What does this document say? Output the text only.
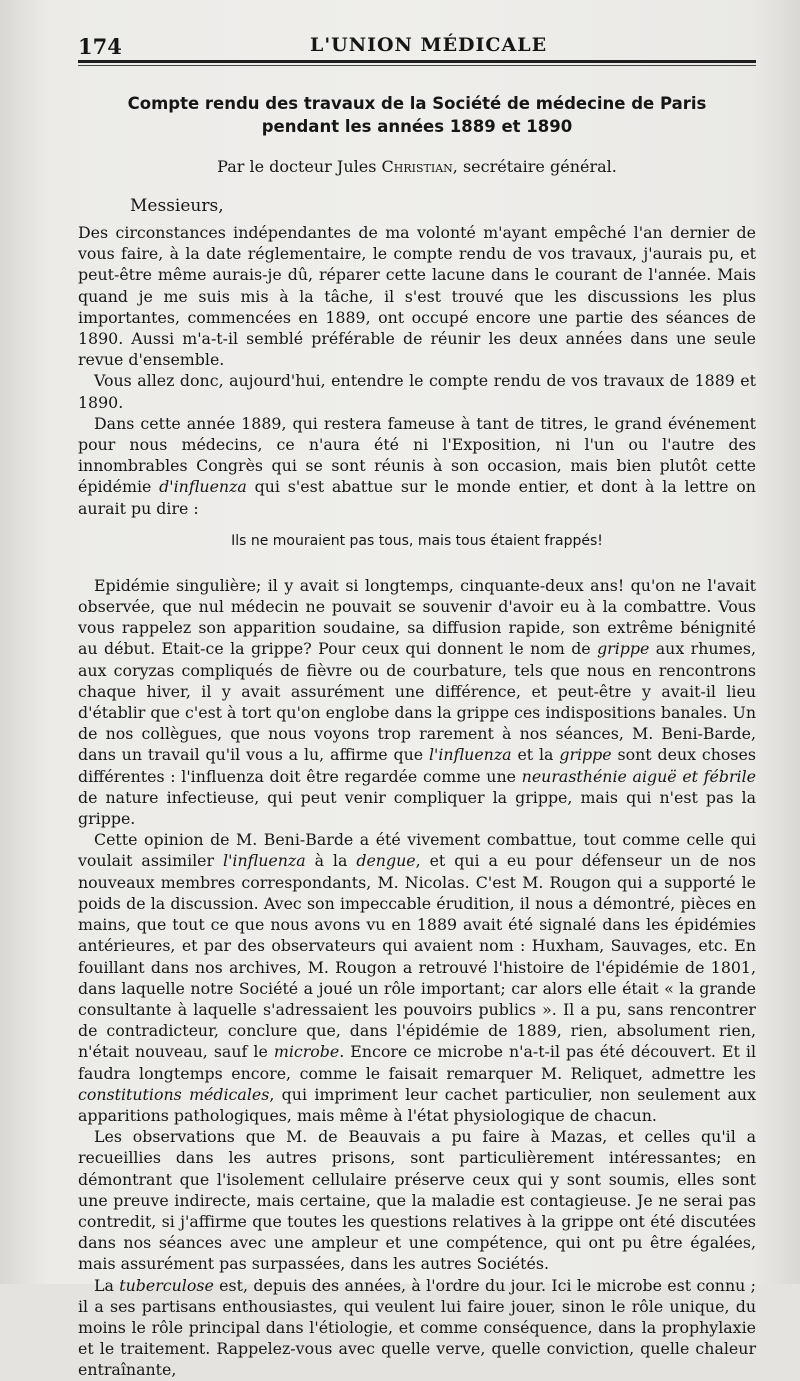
174	L'UNION MÉDICALE
Compte rendu des travaux de la Société de médecine de Paris
pendant les années 1889 et 1890
Par le docteur Jules Christian, secrétaire général.
Messieurs,

Des circonstances indépendantes de ma volonté m'ayant empêché l'an dernier de vous faire, à la date réglementaire, le compte rendu de vos travaux, j'aurais pu, et peut-être même aurais-je dû, réparer cette lacune dans le courant de l'année. Mais quand je me suis mis à la tâche, il s'est trouvé que les discussions les plus importantes, commencées en 1889, ont occupé encore une partie des séances de 1890. Aussi m'a-t-il semblé préférable de réunir les deux années dans une seule revue d'ensemble.

Vous allez donc, aujourd'hui, entendre le compte rendu de vos travaux de 1889 et 1890.

Dans cette année 1889, qui restera fameuse à tant de titres, le grand événement pour nous médecins, ce n'aura été ni l'Exposition, ni l'un ou l'autre des innombrables Congrès qui se sont réunis à son occasion, mais bien plutôt cette épidémie d'influenza qui s'est abattue sur le monde entier, et dont à la lettre on aurait pu dire :

Ils ne mouraient pas tous, mais tous étaient frappés!

Epidémie singulière; il y avait si longtemps, cinquante-deux ans! qu'on ne l'avait observée, que nul médecin ne pouvait se souvenir d'avoir eu à la combattre. Vous vous rappelez son apparition soudaine, sa diffusion rapide, son extrême bénignité au début. Etait-ce la grippe? Pour ceux qui donnent le nom de grippe aux rhumes, aux coryzas compliqués de fièvre ou de courbature, tels que nous en rencontrons chaque hiver, il y avait assurément une différence, et peut-être y avait-il lieu d'établir que c'est à tort qu'on englobe dans la grippe ces indispositions banales. Un de nos collègues, que nous voyons trop rarement à nos séances, M. Beni-Barde, dans un travail qu'il vous a lu, affirme que l'influenza et la grippe sont deux choses différentes : l'influenza doit être regardée comme une neurasthénie aiguë et fébrile de nature infectieuse, qui peut venir compliquer la grippe, mais qui n'est pas la grippe.

Cette opinion de M. Beni-Barde a été vivement combattue, tout comme celle qui voulait assimiler l'influenza à la dengue, et qui a eu pour défenseur un de nos nouveaux membres correspondants, M. Nicolas. C'est M. Rougon qui a supporté le poids de la discussion. Avec son impeccable érudition, il nous a démontré, pièces en mains, que tout ce que nous avons vu en 1889 avait été signalé dans les épidémies antérieures, et par des observateurs qui avaient nom : Huxham, Sauvages, etc. En fouillant dans nos archives, M. Rougon a retrouvé l'histoire de l'épidémie de 1801, dans laquelle notre Société a joué un rôle important; car alors elle était « la grande consultante à laquelle s'adressaient les pouvoirs publics ». Il a pu, sans rencontrer de contradicteur, conclure que, dans l'épidémie de 1889, rien, absolument rien, n'était nouveau, sauf le microbe. Encore ce microbe n'a-t-il pas été découvert. Et il faudra longtemps encore, comme le faisait remarquer M. Reliquet, admettre les constitutions médicales, qui impriment leur cachet particulier, non seulement aux apparitions pathologiques, mais même à l'état physiologique de chacun.

Les observations que M. de Beauvais a pu faire à Mazas, et celles qu'il a recueillies dans les autres prisons, sont particulièrement intéressantes; en démontrant que l'isolement cellulaire préserve ceux qui y sont soumis, elles sont une preuve indirecte, mais certaine, que la maladie est contagieuse. Je ne serai pas contredit, si j'affirme que toutes les questions relatives à la grippe ont été discutées dans nos séances avec une ampleur et une compétence, qui ont pu être égalées, mais assurément pas surpassées, dans les autres Sociétés.

La tuberculose est, depuis des années, à l'ordre du jour. Ici le microbe est connu ; il a ses partisans enthousiastes, qui veulent lui faire jouer, sinon le rôle unique, du moins le rôle principal dans l'étiologie, et comme conséquence, dans la prophylaxie et le traitement. Rappelez-vous avec quelle verve, quelle conviction, quelle chaleur entraînante,
